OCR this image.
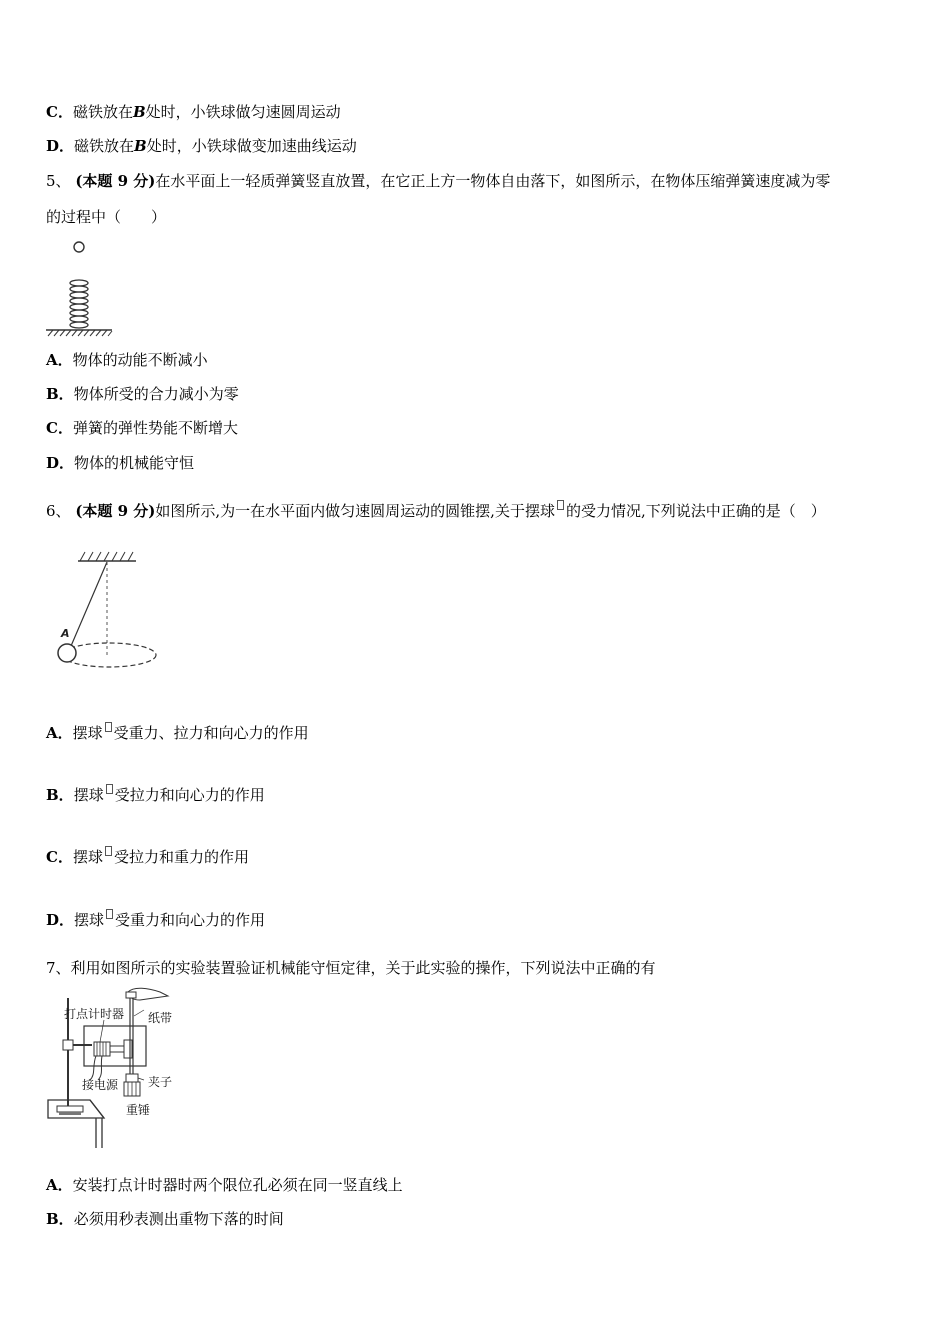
C．磁铁放在B处时，小铁球做匀速圆周运动
D．磁铁放在B处时，小铁球做变加速曲线运动
5、 (本题 9 分)在水平面上一轻质弹簧竖直放置，在它正上方一物体自由落下，如图所示，在物体压缩弹簧速度减为零
的过程中（　　）
A．物体的动能不断减小
B．物体所受的合力减小为零
C．弹簧的弹性势能不断增大
D．物体的机械能守恒
6、 (本题 9 分)如图所示,为一在水平面内做匀速圆周运动的圆锥摆,关于摆球 的受力情况,下列说法中正确的是（　）
A
A．摆球 受重力、拉力和向心力的作用
B．摆球 受拉力和向心力的作用
C．摆球 受拉力和重力的作用
D．摆球 受重力和向心力的作用
7、利用如图所示的实验装置验证机械能守恒定律，关于此实验的操作，下列说法中正确的有
打点计时器 纸带
接电源 夹子
重锤
A．安装打点计时器时两个限位孔必须在同一竖直线上
B．必须用秒表测出重物下落的时间
